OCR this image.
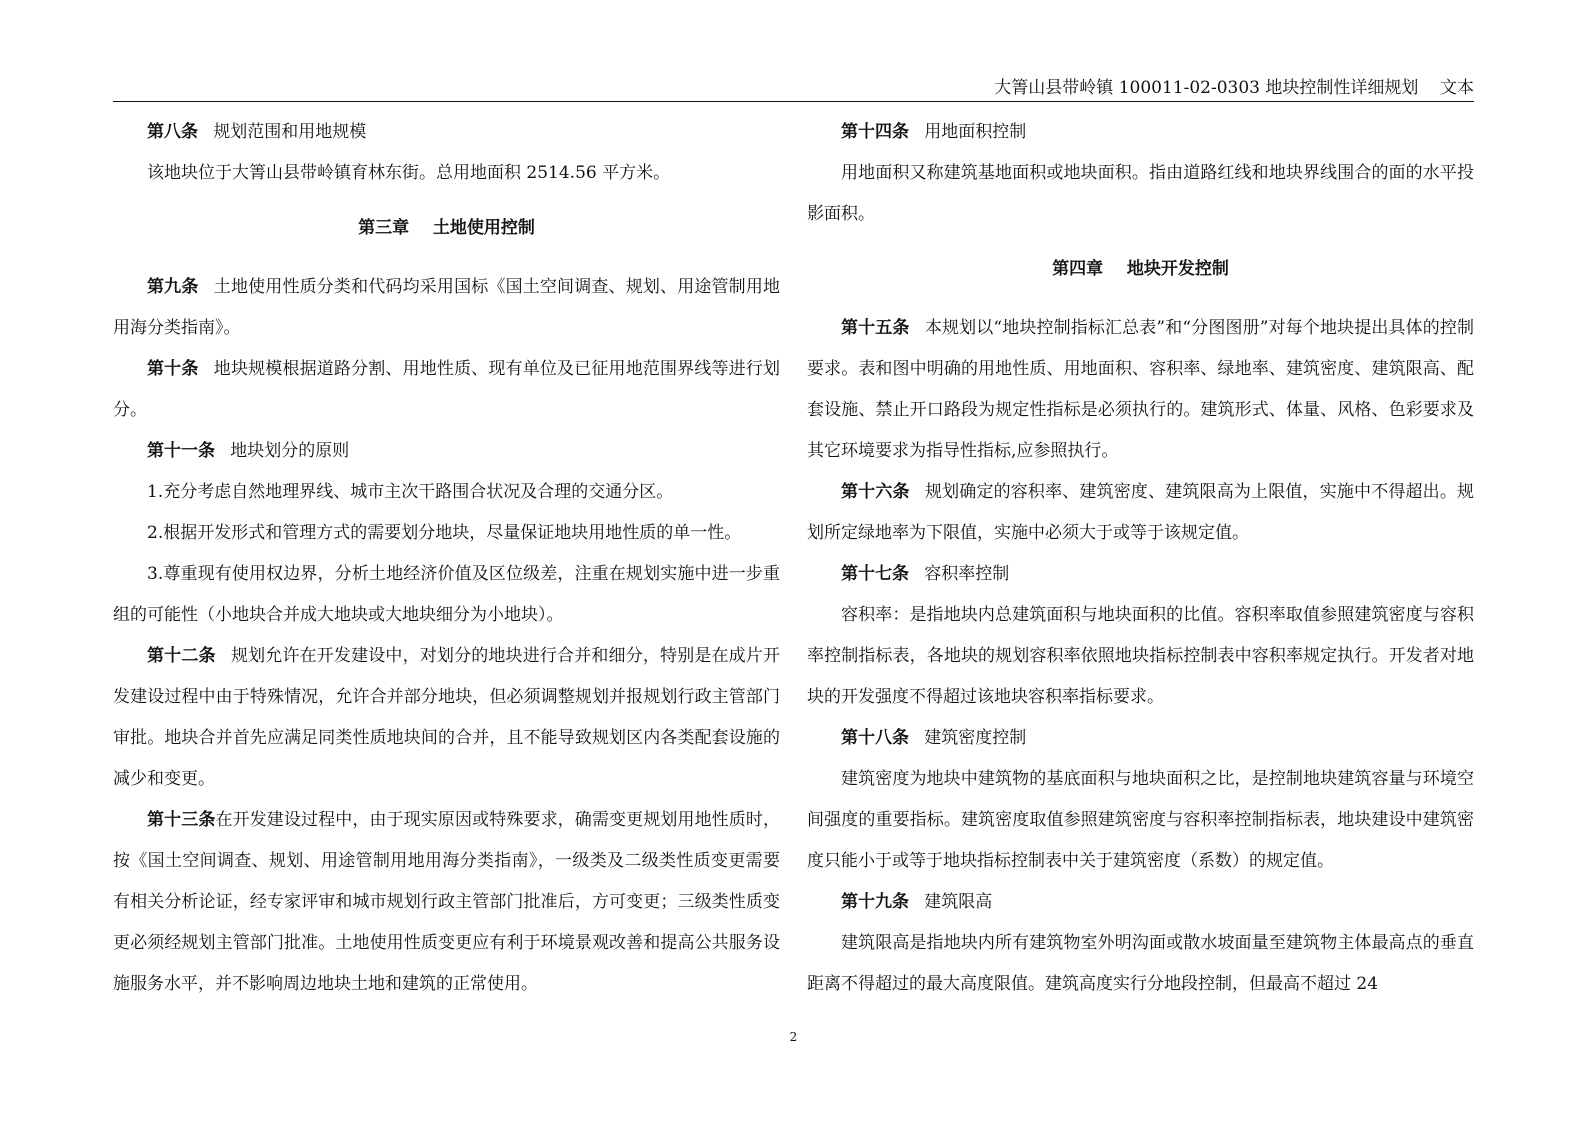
大箐山县带岭镇 100011-02-0303 地块控制性详细规划    文本

第八条 规划范围和用地规模

该地块位于大箐山县带岭镇育林东街。总用地面积 2514.56 平方米。

第三章    土地使用控制

第九条 土地使用性质分类和代码均采用国标《国土空间调查、规划、用途管制用地用海分类指南》。

第十条 地块规模根据道路分割、用地性质、现有单位及已征用地范围界线等进行划分。

第十一条 地块划分的原则

1.充分考虑自然地理界线、城市主次干路围合状况及合理的交通分区。

2.根据开发形式和管理方式的需要划分地块，尽量保证地块用地性质的单一性。

3.尊重现有使用权边界，分析土地经济价值及区位级差，注重在规划实施中进一步重组的可能性（小地块合并成大地块或大地块细分为小地块）。

第十二条 规划允许在开发建设中，对划分的地块进行合并和细分，特别是在成片开发建设过程中由于特殊情况，允许合并部分地块，但必须调整规划并报规划行政主管部门审批。地块合并首先应满足同类性质地块间的合并，且不能导致规划区内各类配套设施的减少和变更。

第十三条在开发建设过程中，由于现实原因或特殊要求，确需变更规划用地性质时，按《国土空间调查、规划、用途管制用地用海分类指南》，一级类及二级类性质变更需要有相关分析论证，经专家评审和城市规划行政主管部门批准后，方可变更；三级类性质变更必须经规划主管部门批准。土地使用性质变更应有利于环境景观改善和提高公共服务设施服务水平，并不影响周边地块土地和建筑的正常使用。

第十四条 用地面积控制

用地面积又称建筑基地面积或地块面积。指由道路红线和地块界线围合的面的水平投影面积。

第四章    地块开发控制

第十五条 本规划以“地块控制指标汇总表”和“分图图册”对每个地块提出具体的控制要求。表和图中明确的用地性质、用地面积、容积率、绿地率、建筑密度、建筑限高、配套设施、禁止开口路段为规定性指标是必须执行的。建筑形式、体量、风格、色彩要求及其它环境要求为指导性指标,应参照执行。

第十六条 规划确定的容积率、建筑密度、建筑限高为上限值，实施中不得超出。规划所定绿地率为下限值，实施中必须大于或等于该规定值。

第十七条 容积率控制

容积率：是指地块内总建筑面积与地块面积的比值。容积率取值参照建筑密度与容积率控制指标表，各地块的规划容积率依照地块指标控制表中容积率规定执行。开发者对地块的开发强度不得超过该地块容积率指标要求。

第十八条 建筑密度控制

建筑密度为地块中建筑物的基底面积与地块面积之比，是控制地块建筑容量与环境空间强度的重要指标。建筑密度取值参照建筑密度与容积率控制指标表，地块建设中建筑密度只能小于或等于地块指标控制表中关于建筑密度（系数）的规定值。

第十九条 建筑限高

建筑限高是指地块内所有建筑物室外明沟面或散水坡面量至建筑物主体最高点的垂直距离不得超过的最大高度限值。建筑高度实行分地段控制，但最高不超过 24

2
